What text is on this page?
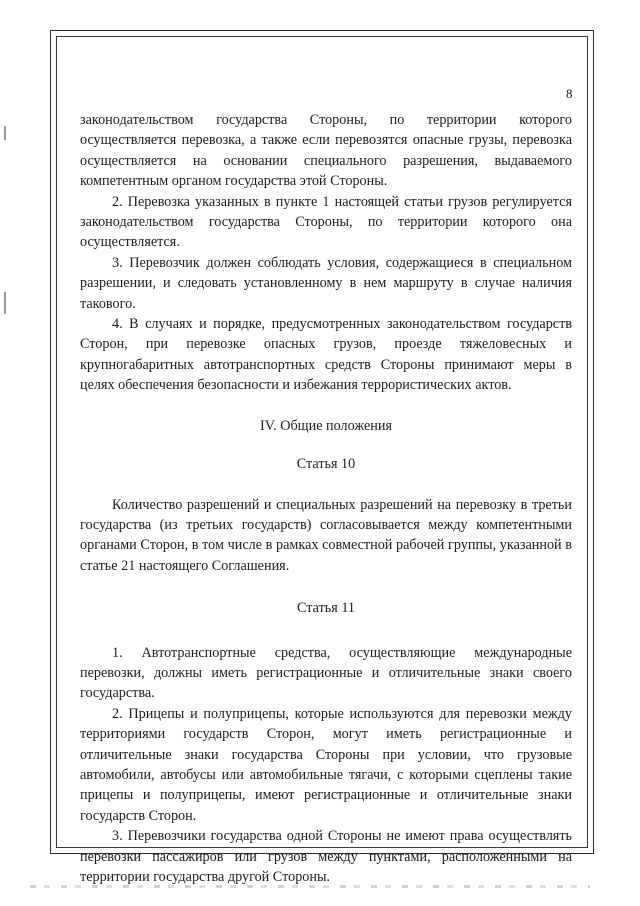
8

законодательством государства Стороны, по территории которого осуществляется перевозка, а также если перевозятся опасные грузы, перевозка осуществляется на основании специального разрешения, выдаваемого компетентным органом государства этой Стороны.

2. Перевозка указанных в пункте 1 настоящей статьи грузов регулируется законодательством государства Стороны, по территории которого она осуществляется.

3. Перевозчик должен соблюдать условия, содержащиеся в специальном разрешении, и следовать установленному в нем маршруту в случае наличия такового.

4. В случаях и порядке, предусмотренных законодательством государств Сторон, при перевозке опасных грузов, проезде тяжеловесных и крупногабаритных автотранспортных средств Стороны принимают меры в целях обеспечения безопасности и избежания террористических актов.

IV. Общие положения

Статья 10

Количество разрешений и специальных разрешений на перевозку в третьи государства (из третьих государств) согласовывается между компетентными органами Сторон, в том числе в рамках совместной рабочей группы, указанной в статье 21 настоящего Соглашения.

Статья 11

1. Автотранспортные средства, осуществляющие международные перевозки, должны иметь регистрационные и отличительные знаки своего государства.

2. Прицепы и полуприцепы, которые используются для перевозки между территориями государств Сторон, могут иметь регистрационные и отличительные знаки государства Стороны при условии, что грузовые автомобили, автобусы или автомобильные тягачи, с которыми сцеплены такие прицепы и полуприцепы, имеют регистрационные и отличительные знаки государств Сторон.

3. Перевозчики государства одной Стороны не имеют права осуществлять перевозки пассажиров или грузов между пунктами, расположенными на территории государства другой Стороны.
